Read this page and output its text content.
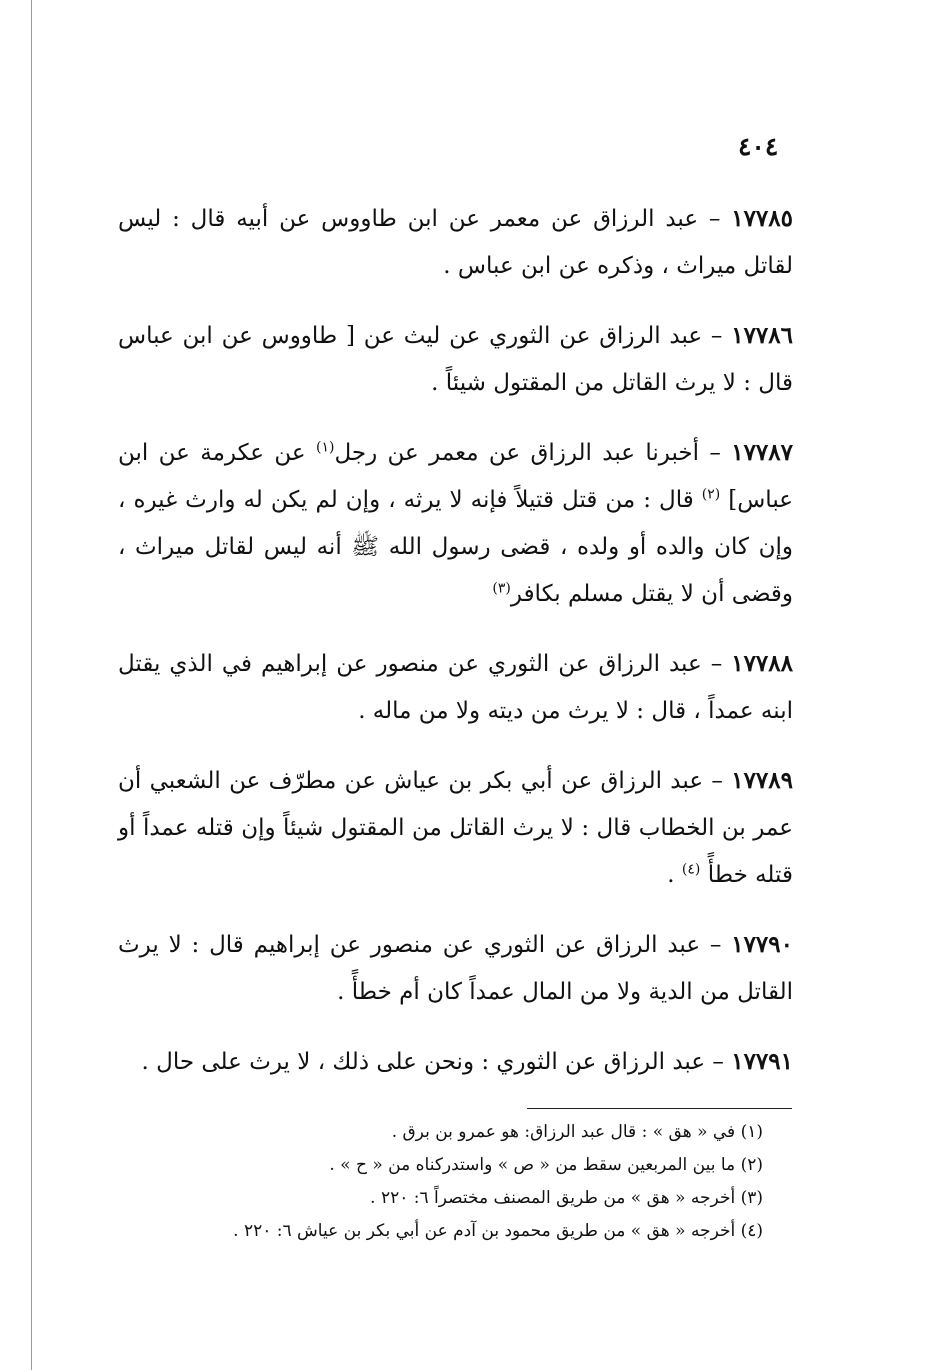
٤٠٤

١٧٧٨٥ – عبد الرزاق عن معمر عن ابن طاووس عن أبيه قال : ليس لقاتل ميراث ، وذكره عن ابن عباس .

١٧٧٨٦ – عبد الرزاق عن الثوري عن ليث عن [ طاووس عن ابن عباس قال : لا يرث القاتل من المقتول شيئاً .

١٧٧٨٧ – أخبرنا عبد الرزاق عن معمر عن رجل$^{(١)}$ عن عكرمة عن ابن عباس] $^{(٢)}$ قال : من قتل قتيلاً فإنه لا يرثه ، وإن لم يكن له وارث غيره ، وإن كان والده أو ولده ، قضى رسول الله ﷺ أنه ليس لقاتل ميراث ، وقضى أن لا يقتل مسلم بكافر$^{(٣)}$

١٧٧٨٨ – عبد الرزاق عن الثوري عن منصور عن إبراهيم في الذي يقتل ابنه عمداً ، قال : لا يرث من ديته ولا من ماله .

١٧٧٨٩ – عبد الرزاق عن أبي بكر بن عياش عن مطرّف عن الشعبي أن عمر بن الخطاب قال : لا يرث القاتل من المقتول شيئاً وإن قتله عمداً أو قتله خطأً $^{(٤)}$ .

١٧٧٩٠ – عبد الرزاق عن الثوري عن منصور عن إبراهيم قال : لا يرث القاتل من الدية ولا من المال عمداً كان أم خطأً .

١٧٧٩١ – عبد الرزاق عن الثوري : ونحن على ذلك ، لا يرث على حال .

(١) في « هق » : قال عبد الرزاق: هو عمرو بن برق .
(٢) ما بين المربعين سقط من « ص » واستدركناه من « ح » .
(٣) أخرجه « هق » من طريق المصنف مختصراً ٦: ٢٢٠ .
(٤) أخرجه « هق » من طريق محمود بن آدم عن أبي بكر بن عياش ٦: ٢٢٠ .
